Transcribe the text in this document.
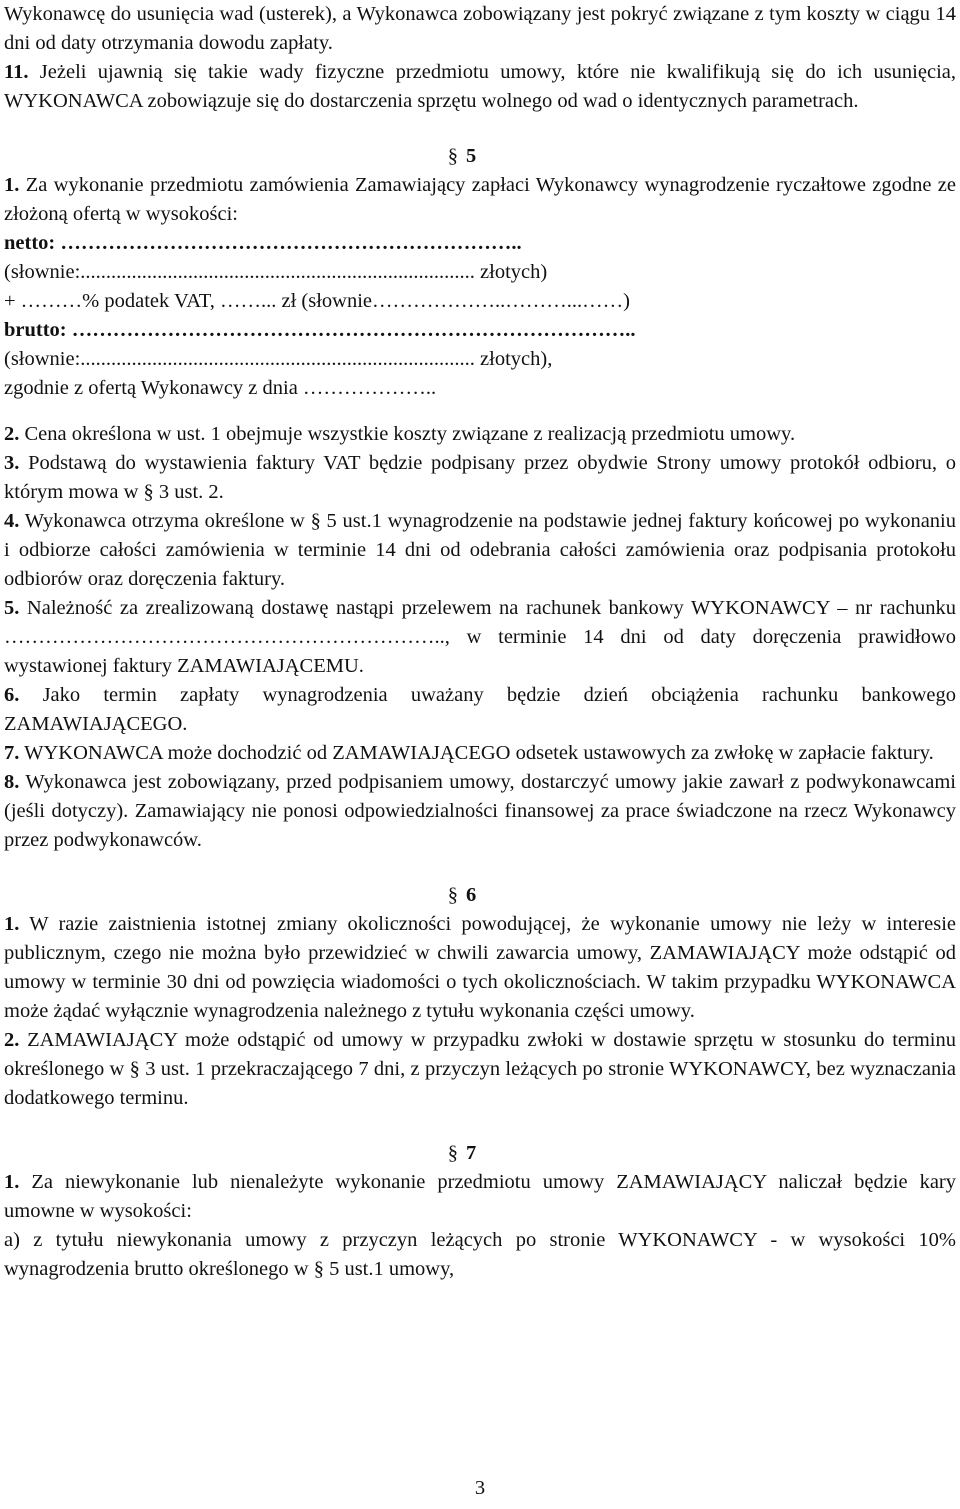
Wykonawcę do usunięcia wad (usterek), a Wykonawca zobowiązany jest pokryć związane z tym koszty w ciągu 14 dni od daty otrzymania dowodu zapłaty.

11. Jeżeli ujawnią się takie wady fizyczne przedmiotu umowy, które nie kwalifikują się do ich usunięcia, WYKONAWCA zobowiązuje się do dostarczenia sprzętu wolnego od wad o identycznych parametrach.

§ 5

1. Za wykonanie przedmiotu zamówienia Zamawiający zapłaci Wykonawcy wynagrodzenie ryczałtowe zgodne ze złożoną ofertą w wysokości:

netto: …………………………………………………………..

(słownie:............................................................................. złotych)

+ ………% podatek VAT, ……... zł (słownie………………..………...……)

brutto: ………………………………………………………………………..

(słownie:............................................................................. złotych),

zgodnie z ofertą Wykonawcy z dnia ………………..

2. Cena określona w ust. 1 obejmuje wszystkie koszty związane z realizacją przedmiotu umowy.

3. Podstawą do wystawienia faktury VAT będzie podpisany przez obydwie Strony umowy protokół odbioru, o którym mowa w § 3 ust. 2.

4. Wykonawca otrzyma określone w § 5 ust.1 wynagrodzenie na podstawie jednej faktury końcowej po wykonaniu i odbiorze całości zamówienia w terminie 14 dni od odebrania całości zamówienia oraz podpisania protokołu odbiorów oraz doręczenia faktury.

5. Należność za zrealizowaną dostawę nastąpi przelewem na rachunek bankowy WYKONAWCY – nr rachunku ……………………………………………………….., w terminie 14 dni od daty doręczenia prawidłowo wystawionej faktury ZAMAWIAJĄCEMU.

6. Jako termin zapłaty wynagrodzenia uważany będzie dzień obciążenia rachunku bankowego ZAMAWIAJĄCEGO.

7. WYKONAWCA może dochodzić od ZAMAWIAJĄCEGO odsetek ustawowych za zwłokę w zapłacie faktury.

8. Wykonawca jest zobowiązany, przed podpisaniem umowy, dostarczyć umowy jakie zawarł z podwykonawcami (jeśli dotyczy). Zamawiający nie ponosi odpowiedzialności finansowej za prace świadczone na rzecz Wykonawcy przez podwykonawców.

§ 6

1. W razie zaistnienia istotnej zmiany okoliczności powodującej, że wykonanie umowy nie leży w interesie publicznym, czego nie można było przewidzieć w chwili zawarcia umowy, ZAMAWIAJĄCY może odstąpić od umowy w terminie 30 dni od powzięcia wiadomości o tych okolicznościach. W takim przypadku WYKONAWCA może żądać wyłącznie wynagrodzenia należnego z tytułu wykonania części umowy.

2. ZAMAWIAJĄCY może odstąpić od umowy w przypadku zwłoki w dostawie sprzętu w stosunku do terminu określonego w § 3 ust. 1 przekraczającego 7 dni, z przyczyn leżących po stronie WYKONAWCY, bez wyznaczania dodatkowego terminu.

§ 7

1. Za niewykonanie lub nienależyte wykonanie przedmiotu umowy ZAMAWIAJĄCY naliczał będzie kary umowne w wysokości:

a) z tytułu niewykonania umowy z przyczyn leżących po stronie WYKONAWCY - w wysokości 10% wynagrodzenia brutto określonego w § 5 ust.1 umowy,

3
